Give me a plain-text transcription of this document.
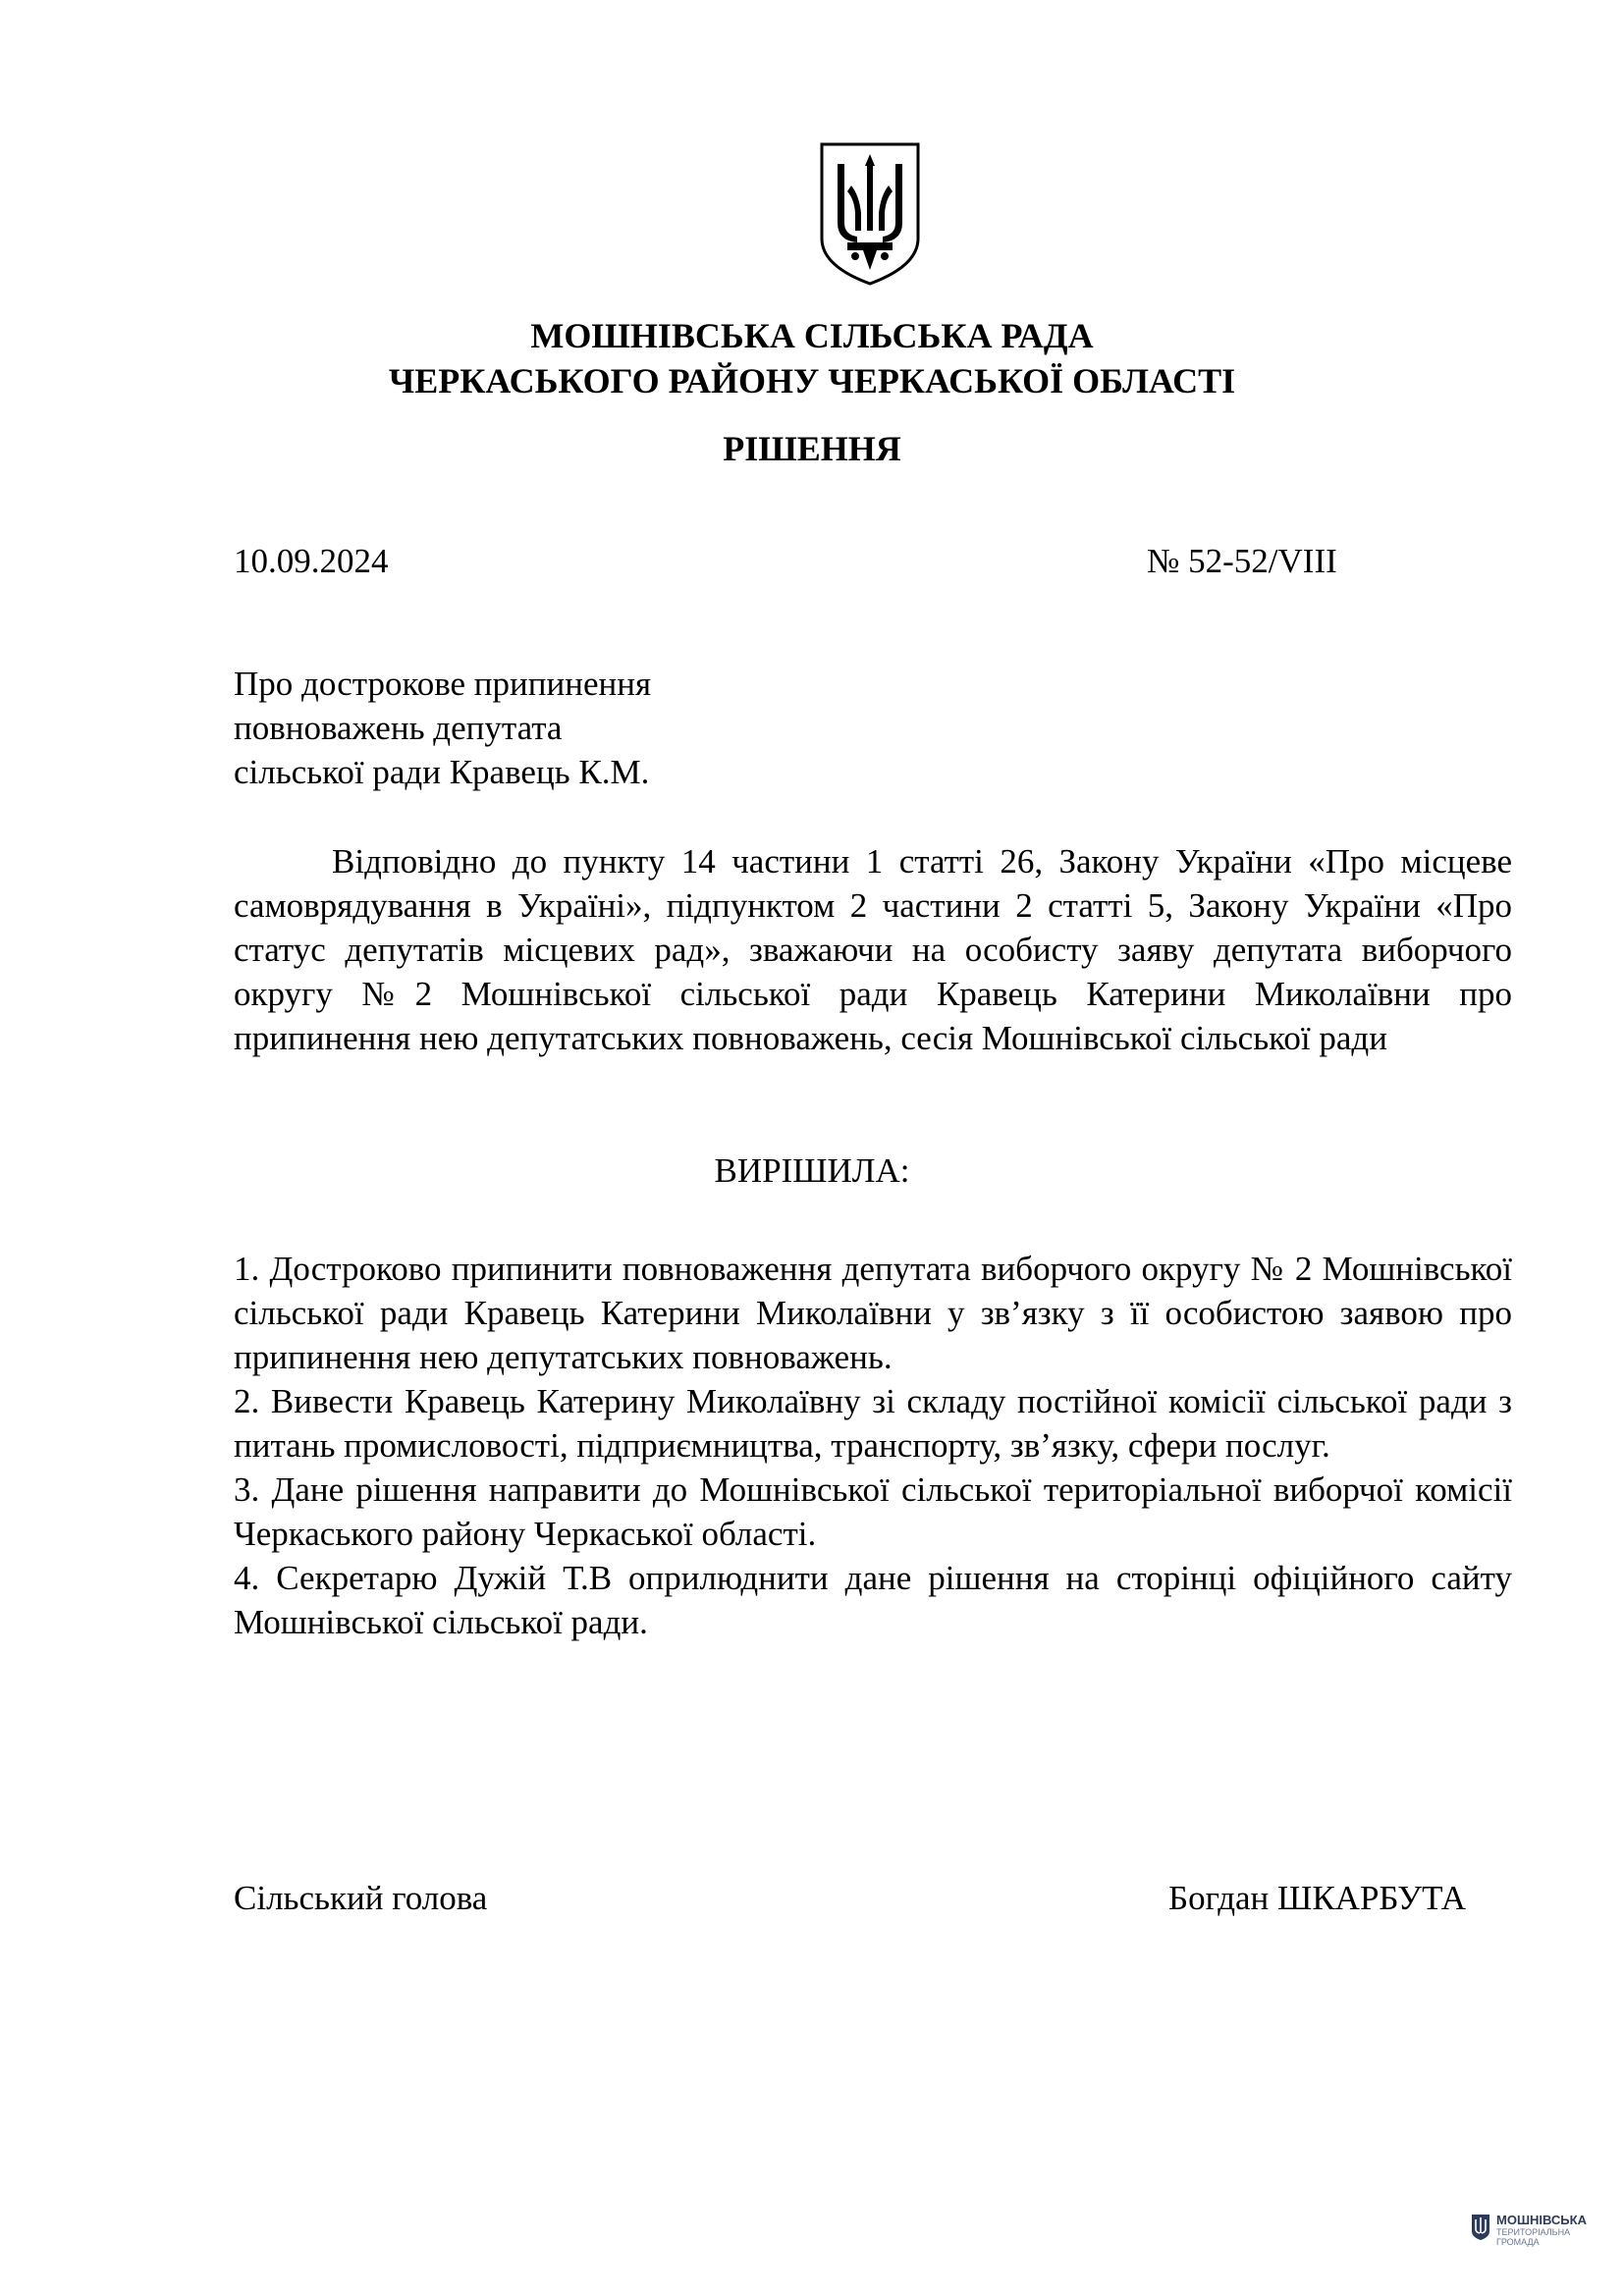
МОШНІВСЬКА СІЛЬСЬКА РАДА
ЧЕРКАСЬКОГО РАЙОНУ ЧЕРКАСЬКОЇ ОБЛАСТІ
РІШЕННЯ
10.09.2024	№ 52-52/VIII
Про дострокове припинення
повноважень депутата
сільської ради Кравець К.М.
Відповідно до пункту 14 частини 1 статті 26, Закону України «Про місцеве самоврядування в Україні», підпунктом 2 частини 2 статті 5, Закону України «Про статус депутатів місцевих рад», зважаючи на особисту заяву депутата виборчого округу №2 Мошнівської сільської ради Кравець Катерини Миколаївни про припинення нею депутатських повноважень, сесія Мошнівської сільської ради
ВИРІШИЛА:

1. Достроково припинити повноваження депутата виборчого округу № 2 Мошнівської сільської ради Кравець Катерини Миколаївни у зв’язку з її особистою заявою про припинення нею депутатських повноважень.

2. Вивести Кравець Катерину Миколаївну зі складу постійної комісії сільської ради з питань промисловості, підприємництва, транспорту, зв’язку, сфери послуг.

3. Дане рішення направити до Мошнівської сільської територіальної виборчої комісії Черкаського району Черкаської області.

4. Секретарю Дужій Т.В оприлюднити дане рішення на сторінці офіційного сайту Мошнівської сільської ради.

Сільський голова	Богдан ШКАРБУТА
МОШНІВСЬКА
ТЕРИТОРІАЛЬНА
ГРОМАДА
